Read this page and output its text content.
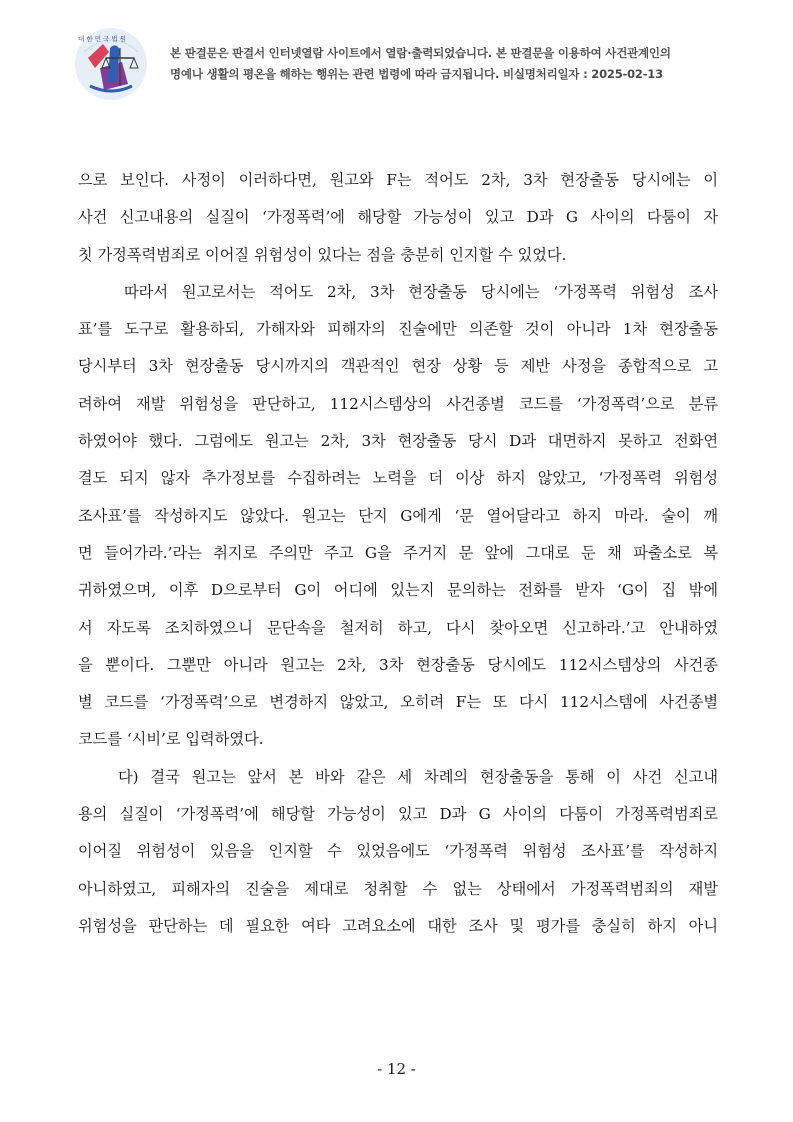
대 한 민 국 법 원
본 판결문은 판결서 인터넷열람 사이트에서 열람·출력되었습니다. 본 판결문을 이용하여 사건관계인의
명예나 생활의 평온을 해하는 행위는 관련 법령에 따라 금지됩니다. 비실명처리일자 : 2025-02-13
으로 보인다. 사정이 이러하다면, 원고와 F는 적어도 2차, 3차 현장출동 당시에는 이
사건 신고내용의 실질이 ‘가정폭력’에 해당할 가능성이 있고 D과 G 사이의 다툼이 자
칫 가정폭력범죄로 이어질 위험성이 있다는 점을 충분히 인지할 수 있었다.
따라서 원고로서는 적어도 2차, 3차 현장출동 당시에는 ‘가정폭력 위험성 조사
표’를 도구로 활용하되, 가해자와 피해자의 진술에만 의존할 것이 아니라 1차 현장출동
당시부터 3차 현장출동 당시까지의 객관적인 현장 상황 등 제반 사정을 종합적으로 고
려하여 재발 위험성을 판단하고, 112시스템상의 사건종별 코드를 ‘가정폭력’으로 분류
하였어야 했다. 그럼에도 원고는 2차, 3차 현장출동 당시 D과 대면하지 못하고 전화연
결도 되지 않자 추가정보를 수집하려는 노력을 더 이상 하지 않았고, ‘가정폭력 위험성
조사표’를 작성하지도 않았다. 원고는 단지 G에게 ‘문 열어달라고 하지 마라. 술이 깨
면 들어가라.’라는 취지로 주의만 주고 G을 주거지 문 앞에 그대로 둔 채 파출소로 복
귀하였으며, 이후 D으로부터 G이 어디에 있는지 문의하는 전화를 받자 ‘G이 집 밖에
서 자도록 조치하였으니 문단속을 철저히 하고, 다시 찾아오면 신고하라.’고 안내하였
을 뿐이다. 그뿐만 아니라 원고는 2차, 3차 현장출동 당시에도 112시스템상의 사건종
별 코드를 ‘가정폭력’으로 변경하지 않았고, 오히려 F는 또 다시 112시스템에 사건종별
코드를 ‘시비’로 입력하였다.
다) 결국 원고는 앞서 본 바와 같은 세 차례의 현장출동을 통해 이 사건 신고내
용의 실질이 ‘가정폭력’에 해당할 가능성이 있고 D과 G 사이의 다툼이 가정폭력범죄로
이어질 위험성이 있음을 인지할 수 있었음에도 ‘가정폭력 위험성 조사표’를 작성하지
아니하였고, 피해자의 진술을 제대로 청취할 수 없는 상태에서 가정폭력범죄의 재발
위험성을 판단하는 데 필요한 여타 고려요소에 대한 조사 및 평가를 충실히 하지 아니
- 12 -
